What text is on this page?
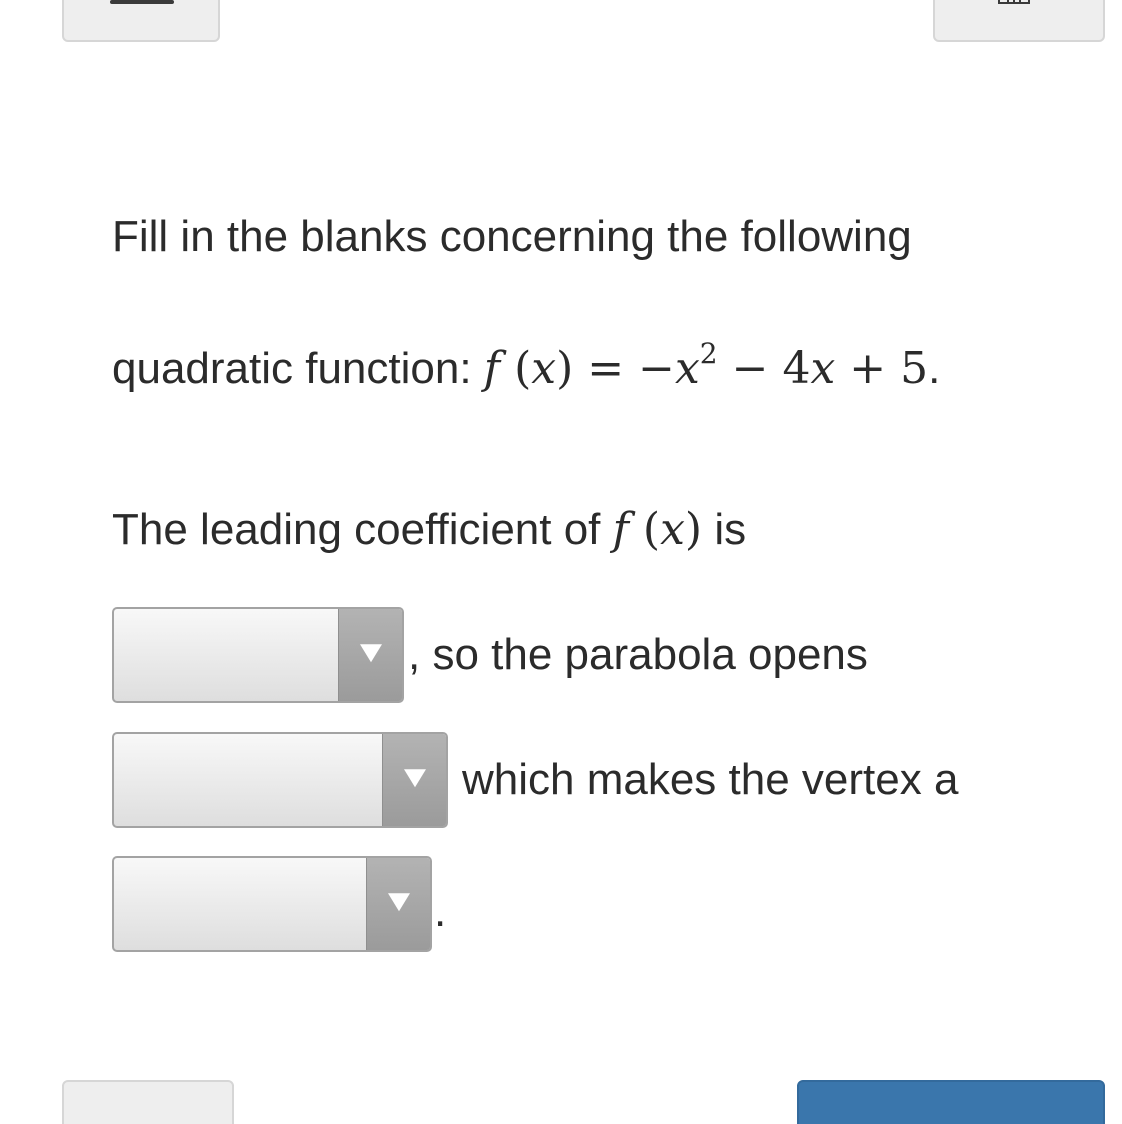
Fill in the blanks concerning the following
quadratic function: f $(x) = -x^2 - 4x + 5$.
The leading coefficient of f (x) is
, so the parabola opens
which makes the vertex a
.
